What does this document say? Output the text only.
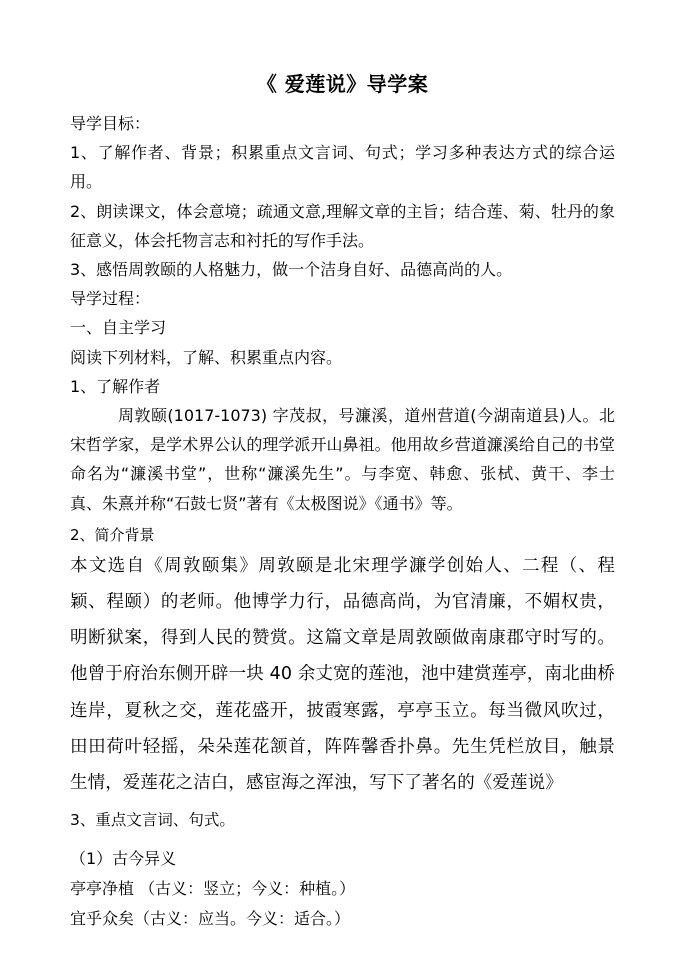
《 爱莲说》导学案

导学目标：

1、了解作者、背景；积累重点文言词、句式；学习多种表达方式的综合运用。

2、朗读课文，体会意境；疏通文意,理解文章的主旨；结合莲、菊、牡丹的象征意义，体会托物言志和衬托的写作手法。

3、感悟周敦颐的人格魅力，做一个洁身自好、品德高尚的人。

导学过程：

一、自主学习

阅读下列材料，了解、积累重点内容。

1、了解作者

周敦颐(1017-1073) 字茂叔，号濂溪，道州营道(今湖南道县)人。北宋哲学家，是学术界公认的理学派开山鼻祖。他用故乡营道濂溪给自己的书堂命名为“濂溪书堂”，世称“濂溪先生”。与李宽、韩愈、张栻、黄干、李士真、朱熹并称“石鼓七贤”著有《太极图说》《通书》等。

2、简介背景

本文选自《周敦颐集》周敦颐是北宋理学濂学创始人、二程（、程颖、程颐）的老师。他博学力行，品德高尚，为官清廉，不媚权贵，明断狱案，得到人民的赞赏。这篇文章是周敦颐做南康郡守时写的。他曾于府治东侧开辟一块 40 余丈宽的莲池，池中建赏莲亭，南北曲桥连岸，夏秋之交，莲花盛开，披霞寒露，亭亭玉立。每当微风吹过，田田荷叶轻摇，朵朵莲花颔首，阵阵馨香扑鼻。先生凭栏放目，触景生情，爱莲花之洁白，感宦海之浑浊，写下了著名的《爱莲说》

3、重点文言词、句式。

（1）古今异义

亭亭净植 （古义：竖立；今义：种植。）

宜乎众矣（古义：应当。今义：适合。）
